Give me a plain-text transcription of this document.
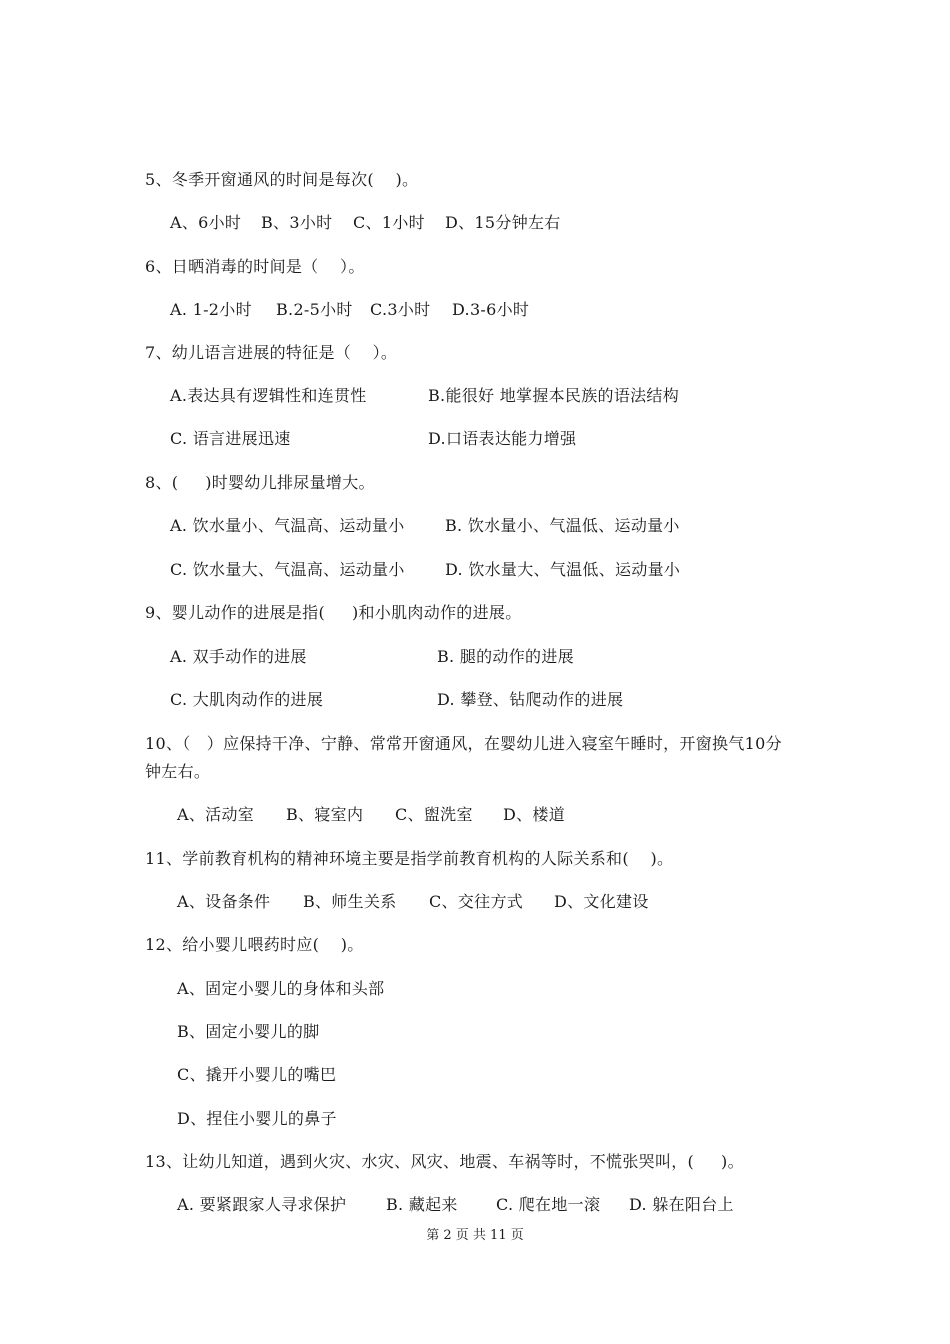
5、冬季开窗通风的时间是每次(    )。
A、6小时 B、3小时 C、1小时 D、15分钟左右
6、日晒消毒的时间是（    ）。
A. 1-2小时 B.2-5小时 C.3小时 D.3-6小时
7、幼儿语言进展的特征是（    ）。
A.表达具有逻辑性和连贯性	B.能很好 地掌握本民族的语法结构
C. 语言进展迅速	D.口语表达能力增强
8、(     )时婴幼儿排尿量增大。
A. 饮水量小、气温高、运动量小	B. 饮水量小、气温低、运动量小
C. 饮水量大、气温高、运动量小	D. 饮水量大、气温低、运动量小
9、婴儿动作的进展是指(     )和小肌肉动作的进展。
A. 双手动作的进展	B. 腿的动作的进展
C. 大肌肉动作的进展	D. 攀登、钻爬动作的进展
10、（   ）应保持干净、宁静、常常开窗通风，在婴幼儿进入寝室午睡时，开窗换气10分
钟左右。
A、活动室 B、寝室内 C、盥洗室 D、楼道
11、学前教育机构的精神环境主要是指学前教育机构的人际关系和(    )。
A、设备条件 B、师生关系 C、交往方式 D、文化建设
12、给小婴儿喂药时应(    )。
A、固定小婴儿的身体和头部
B、固定小婴儿的脚
C、撬开小婴儿的嘴巴
D、捏住小婴儿的鼻子
13、让幼儿知道，遇到火灾、水灾、风灾、地震、车祸等时，不慌张哭叫，(     )。
A. 要紧跟家人寻求保护 B. 藏起来 C. 爬在地一滚 D. 躲在阳台上
第 2 页 共 11 页
